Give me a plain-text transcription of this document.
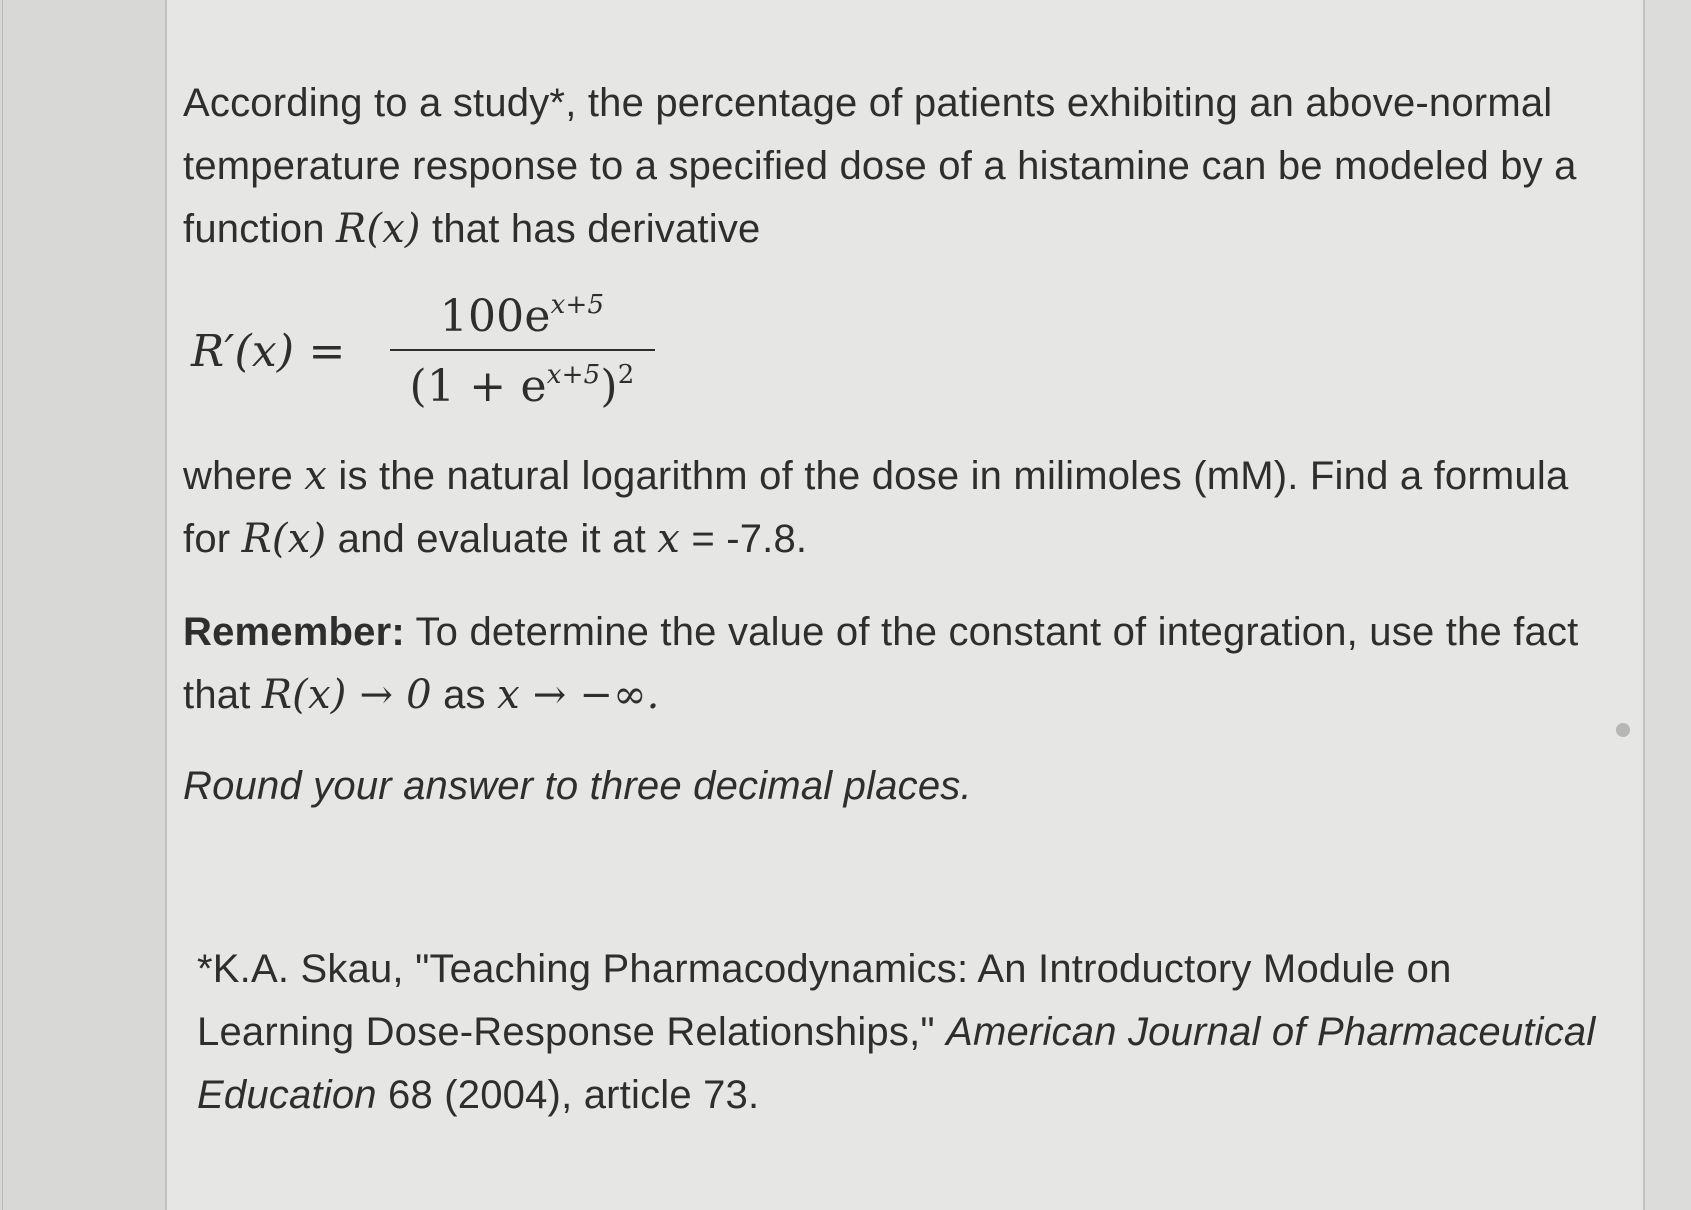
According to a study*, the percentage of patients exhibiting an above-normal temperature response to a specified dose of a histamine can be modeled by a function R(x) that has derivative

$R'(x) = \frac{100e^{x+5}}{(1 + e^{x+5})^2}$

where x is the natural logarithm of the dose in milimoles (mM). Find a formula for R(x) and evaluate it at x = -7.8.

Remember: To determine the value of the constant of integration, use the fact that R(x) → 0 as x → −∞.

Round your answer to three decimal places.

*K.A. Skau, "Teaching Pharmacodynamics: An Introductory Module on Learning Dose-Response Relationships," American Journal of Pharmaceutical Education 68 (2004), article 73.
